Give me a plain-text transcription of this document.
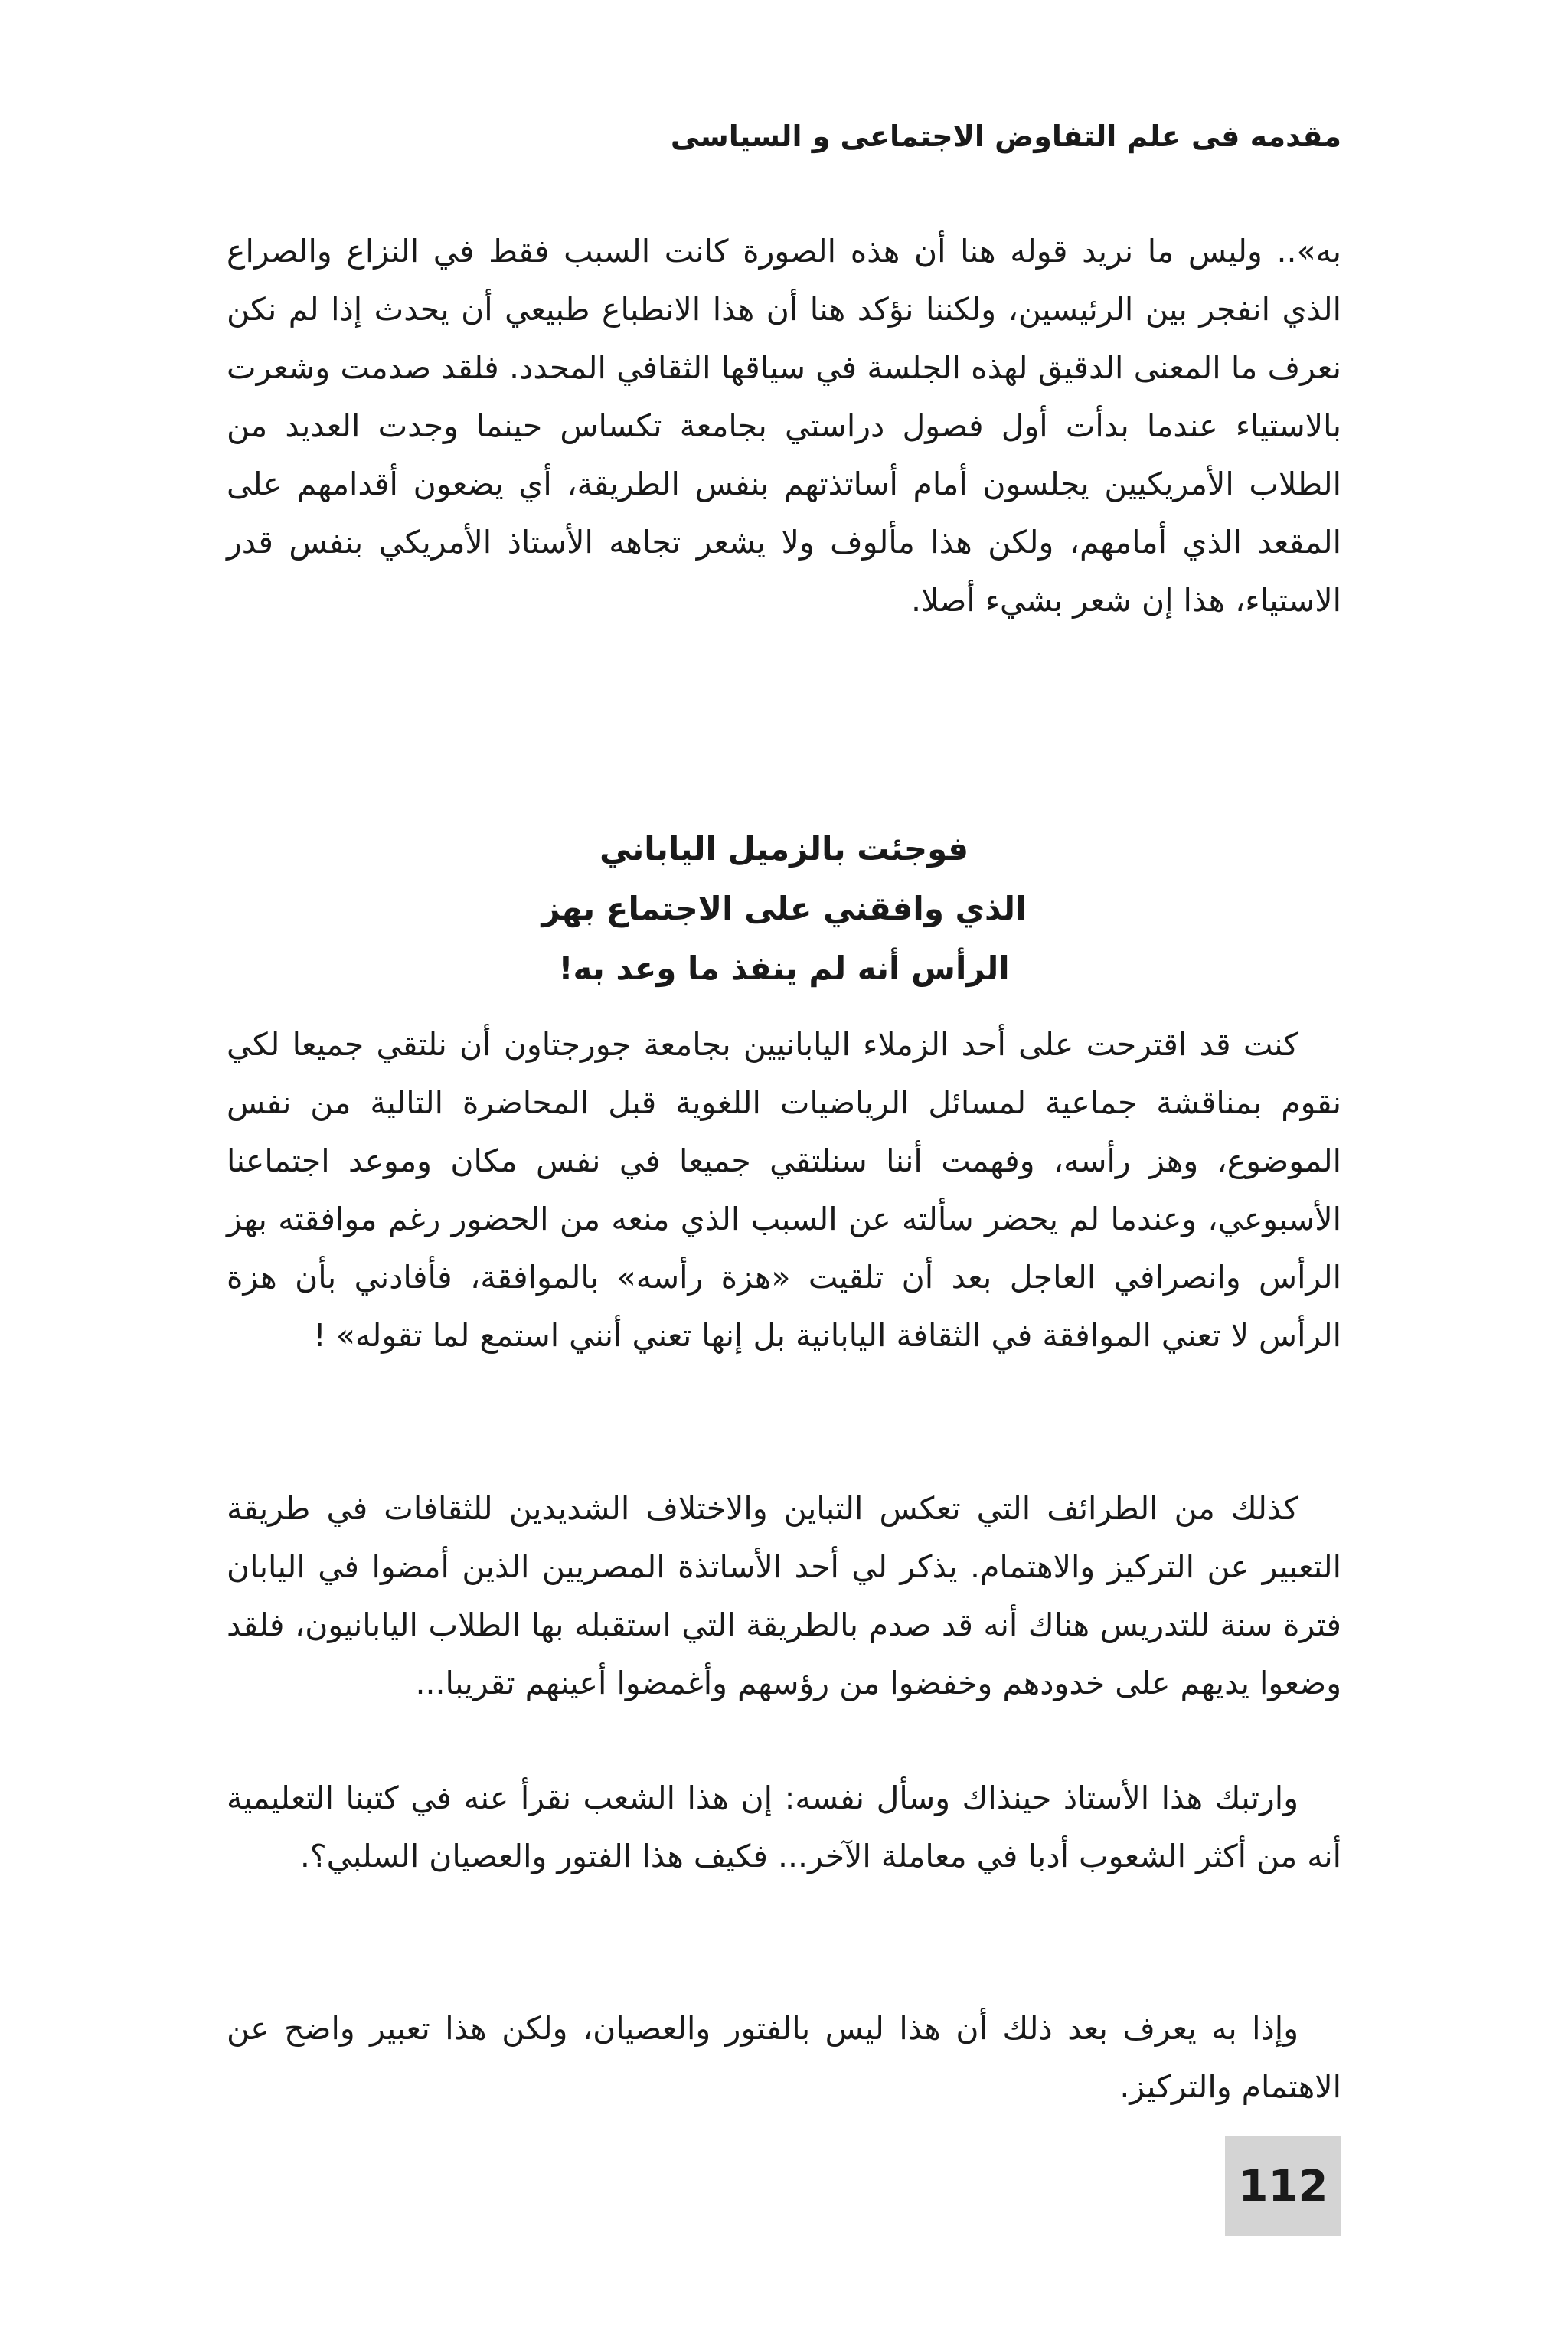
مقدمه فى علم التفاوض الاجتماعى و السياسى

به».. وليس ما نريد قوله هنا أن هذه الصورة كانت السبب فقط في النزاع والصراع الذي انفجر بين الرئيسين، ولكننا نؤكد هنا أن هذا الانطباع طبيعي أن يحدث إذا لم نكن نعرف ما المعنى الدقيق لهذه الجلسة في سياقها الثقافي المحدد. فلقد صدمت وشعرت بالاستياء عندما بدأت أول فصول دراستي بجامعة تكساس حينما وجدت العديد من الطلاب الأمريكيين يجلسون أمام أساتذتهم بنفس الطريقة، أي يضعون أقدامهم على المقعد الذي أمامهم، ولكن هذا مألوف ولا يشعر تجاهه الأستاذ الأمريكي بنفس قدر الاستياء، هذا إن شعر بشيء أصلا.

فوجئت بالزميل الياباني
الذي وافقني على الاجتماع بهز
الرأس أنه لم ينفذ ما وعد به!

كنت قد اقترحت على أحد الزملاء اليابانيين بجامعة جورجتاون أن نلتقي جميعا لكي نقوم بمناقشة جماعية لمسائل الرياضيات اللغوية قبل المحاضرة التالية من نفس الموضوع، وهز رأسه، وفهمت أننا سنلتقي جميعا في نفس مكان وموعد اجتماعنا الأسبوعي، وعندما لم يحضر سألته عن السبب الذي منعه من الحضور رغم موافقته بهز الرأس وانصرافي العاجل بعد أن تلقيت «هزة رأسه» بالموافقة، فأفادني بأن هزة الرأس لا تعني الموافقة في الثقافة اليابانية بل إنها تعني أنني استمع لما تقوله» !

كذلك من الطرائف التي تعكس التباين والاختلاف الشديدين للثقافات في طريقة التعبير عن التركيز والاهتمام. يذكر لي أحد الأساتذة المصريين الذين أمضوا في اليابان فترة سنة للتدريس هناك أنه قد صدم بالطريقة التي استقبله بها الطلاب اليابانيون، فلقد وضعوا يديهم على خدودهم وخفضوا من رؤسهم وأغمضوا أعينهم تقريبا...

وارتبك هذا الأستاذ حينذاك وسأل نفسه: إن هذا الشعب نقرأ عنه في كتبنا التعليمية أنه من أكثر الشعوب أدبا في معاملة الآخر... فكيف هذا الفتور والعصيان السلبي؟.

وإذا به يعرف بعد ذلك أن هذا ليس بالفتور والعصيان، ولكن هذا تعبير واضح عن الاهتمام والتركيز.

112
